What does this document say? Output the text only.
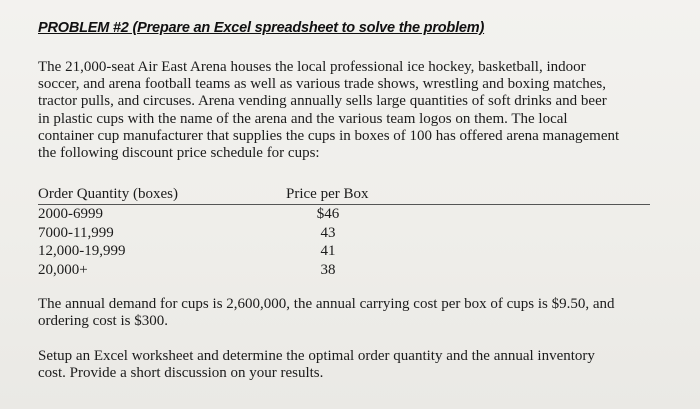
PROBLEM #2 (Prepare an Excel spreadsheet to solve the problem)

The 21,000-seat Air East Arena houses the local professional ice hockey, basketball, indoor
soccer, and arena football teams as well as various trade shows, wrestling and boxing matches,
tractor pulls, and circuses. Arena vending annually sells large quantities of soft drinks and beer
in plastic cups with the name of the arena and the various team logos on them. The local
container cup manufacturer that supplies the cups in boxes of 100 has offered arena management
the following discount price schedule for cups:

Order Quantity (boxes)	Price per Box
2000-6999	$46
7000-11,999	43
12,000-19,999	41
20,000+	38

The annual demand for cups is 2,600,000, the annual carrying cost per box of cups is $9.50, and
ordering cost is $300.

Setup an Excel worksheet and determine the optimal order quantity and the annual inventory
cost. Provide a short discussion on your results.
